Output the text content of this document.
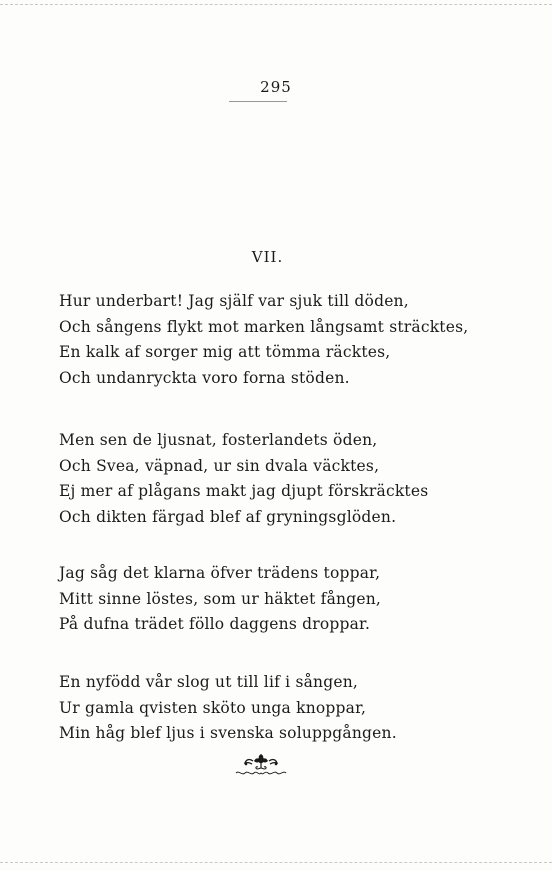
295
VII.
Hur underbart! Jag själf var sjuk till döden,
Och sångens flykt mot marken långsamt sträcktes,
En kalk af sorger mig att tömma räcktes,
Och undanryckta voro forna stöden.
Men sen de ljusnat, fosterlandets öden,
Och Svea, väpnad, ur sin dvala väcktes,
Ej mer af plågans makt jag djupt förskräcktes
Och dikten färgad blef af gryningsglöden.
Jag såg det klarna öfver trädens toppar,
Mitt sinne löstes, som ur häktet fången,
På dufna trädet föllo daggens droppar.
En nyfödd vår slog ut till lif i sången,
Ur gamla qvisten sköto unga knoppar,
Min håg blef ljus i svenska soluppgången.
